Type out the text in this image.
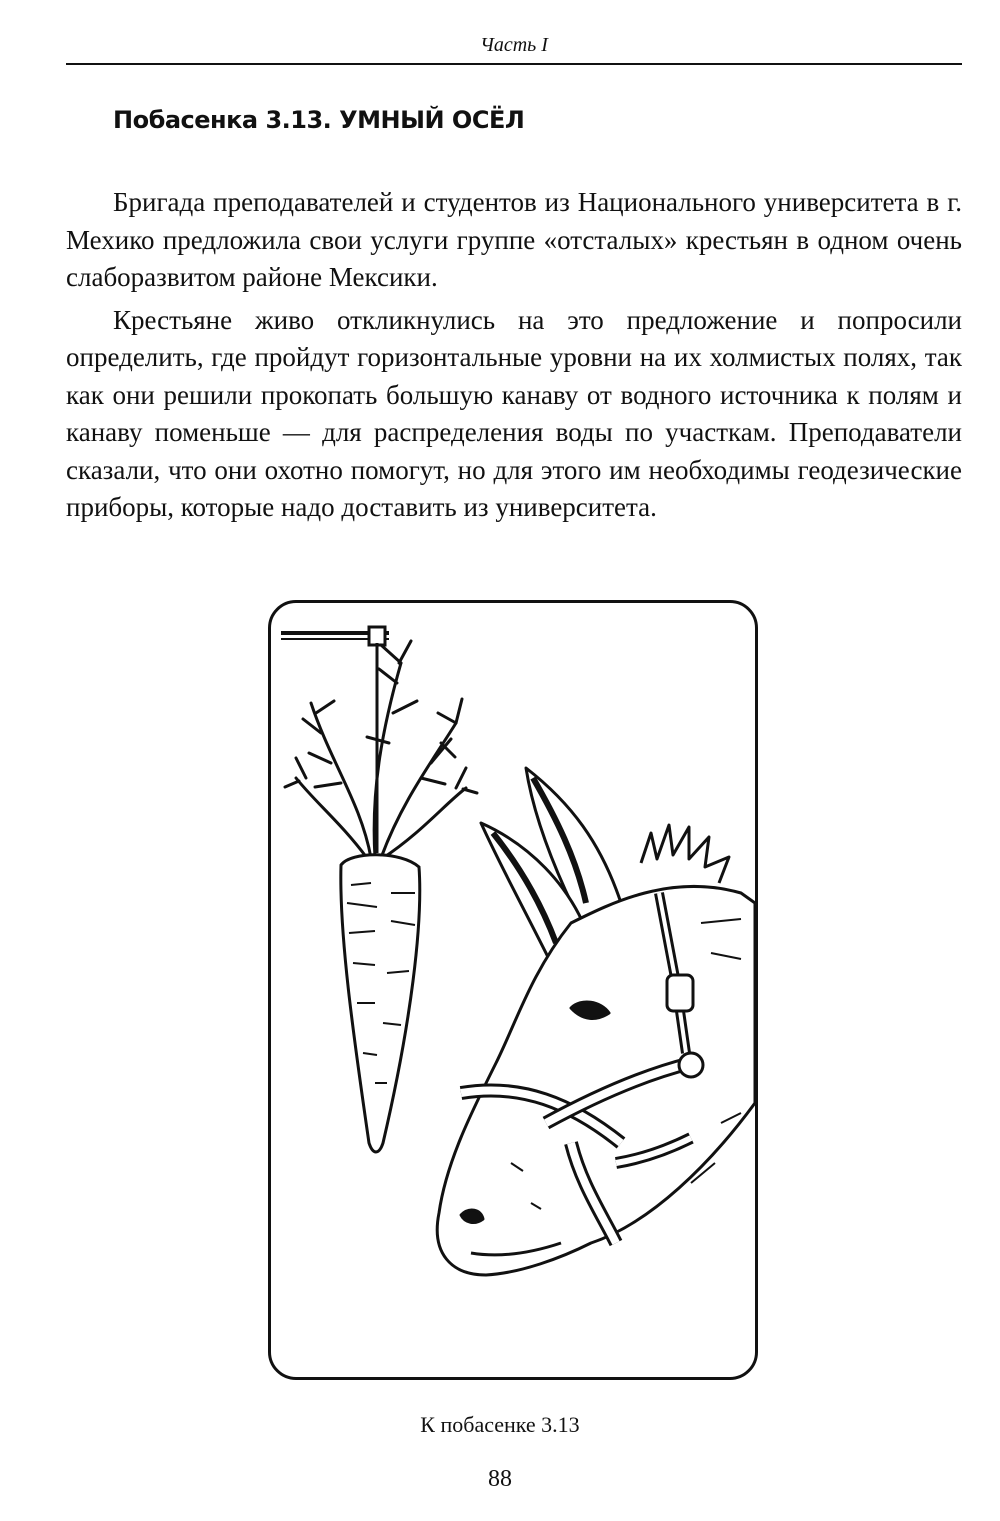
Часть I
Побасенка 3.13. УМНЫЙ ОСЁЛ

Бригада преподавателей и студентов из Национального университета в г. Мехико предложила свои услуги группе «отсталых» крестьян в одном очень слаборазвитом районе Мексики.

Крестьяне живо откликнулись на это предложение и попросили определить, где пройдут горизонтальные уровни на их холмистых полях, так как они решили прокопать большую канаву от водного источника к полям и канаву поменьше — для распределения воды по участкам. Преподаватели сказали, что они охотно помогут, но для этого им необходимы геодезические приборы, которые надо доставить из университета.

К побасенке 3.13
88
